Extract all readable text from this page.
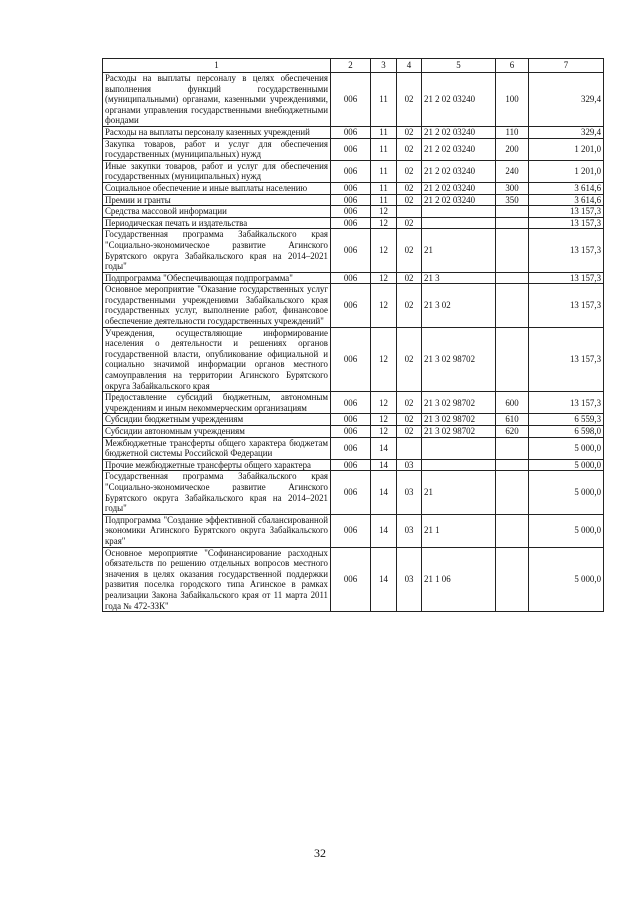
1	2	3	4	5	6	7
Расходы на выплаты персоналу в целях обеспечения выполнения функций государственными (муниципальными) органами, казенными учреждениями, органами управления государственными внебюджетными фондами	006	11	02	21 2 02 03240	100	329,4
Расходы на выплаты персоналу казенных учреждений	006	11	02	21 2 02 03240	110	329,4
Закупка товаров, работ и услуг для обеспечения государственных (муниципальных) нужд	006	11	02	21 2 02 03240	200	1 201,0
Иные закупки товаров, работ и услуг для обеспечения государственных (муниципальных) нужд	006	11	02	21 2 02 03240	240	1 201,0
Социальное обеспечение и иные выплаты населению	006	11	02	21 2 02 03240	300	3 614,6
Премии и гранты	006	11	02	21 2 02 03240	350	3 614,6
Средства массовой информации	006	12				13 157,3
Периодическая печать и издательства	006	12	02			13 157,3
Государственная программа Забайкальского края "Социально-экономическое развитие Агинского Бурятского округа Забайкальского края на 2014–2021 годы"	006	12	02	21		13 157,3
Подпрограмма "Обеспечивающая подпрограмма"	006	12	02	21 3		13 157,3
Основное мероприятие "Оказание государственных услуг государственными учреждениями Забайкальского края государственных услуг, выполнение работ, финансовое обеспечение деятельности государственных учреждений"	006	12	02	21 3 02		13 157,3
Учреждения, осуществляющие информирование населения о деятельности и решениях органов государственной власти, опубликование официальной и социально значимой информации органов местного самоуправления на территории Агинского Бурятского округа Забайкальского края	006	12	02	21 3 02 98702		13 157,3
Предоставление субсидий бюджетным, автономным учреждениям и иным некоммерческим организациям	006	12	02	21 3 02 98702	600	13 157,3
Субсидии бюджетным учреждениям	006	12	02	21 3 02 98702	610	6 559,3
Субсидии автономным учреждениям	006	12	02	21 3 02 98702	620	6 598,0
Межбюджетные трансферты общего характера бюджетам бюджетной системы Российской Федерации	006	14				5 000,0
Прочие межбюджетные трансферты общего характера	006	14	03			5 000,0
Государственная программа Забайкальского края "Социально-экономическое развитие Агинского Бурятского округа Забайкальского края на 2014–2021 годы"	006	14	03	21		5 000,0
Подпрограмма "Создание эффективной сбалансированной экономики Агинского Бурятского округа Забайкальского края"	006	14	03	21 1		5 000,0
Основное мероприятие "Софинансирование расходных обязательств по решению отдельных вопросов местного значения в целях оказания государственной поддержки развития поселка городского типа Агинское в рамках реализации Закона Забайкальского края от 11 марта 2011 года № 472-ЗЗК"	006	14	03	21 1 06		5 000,0
32
